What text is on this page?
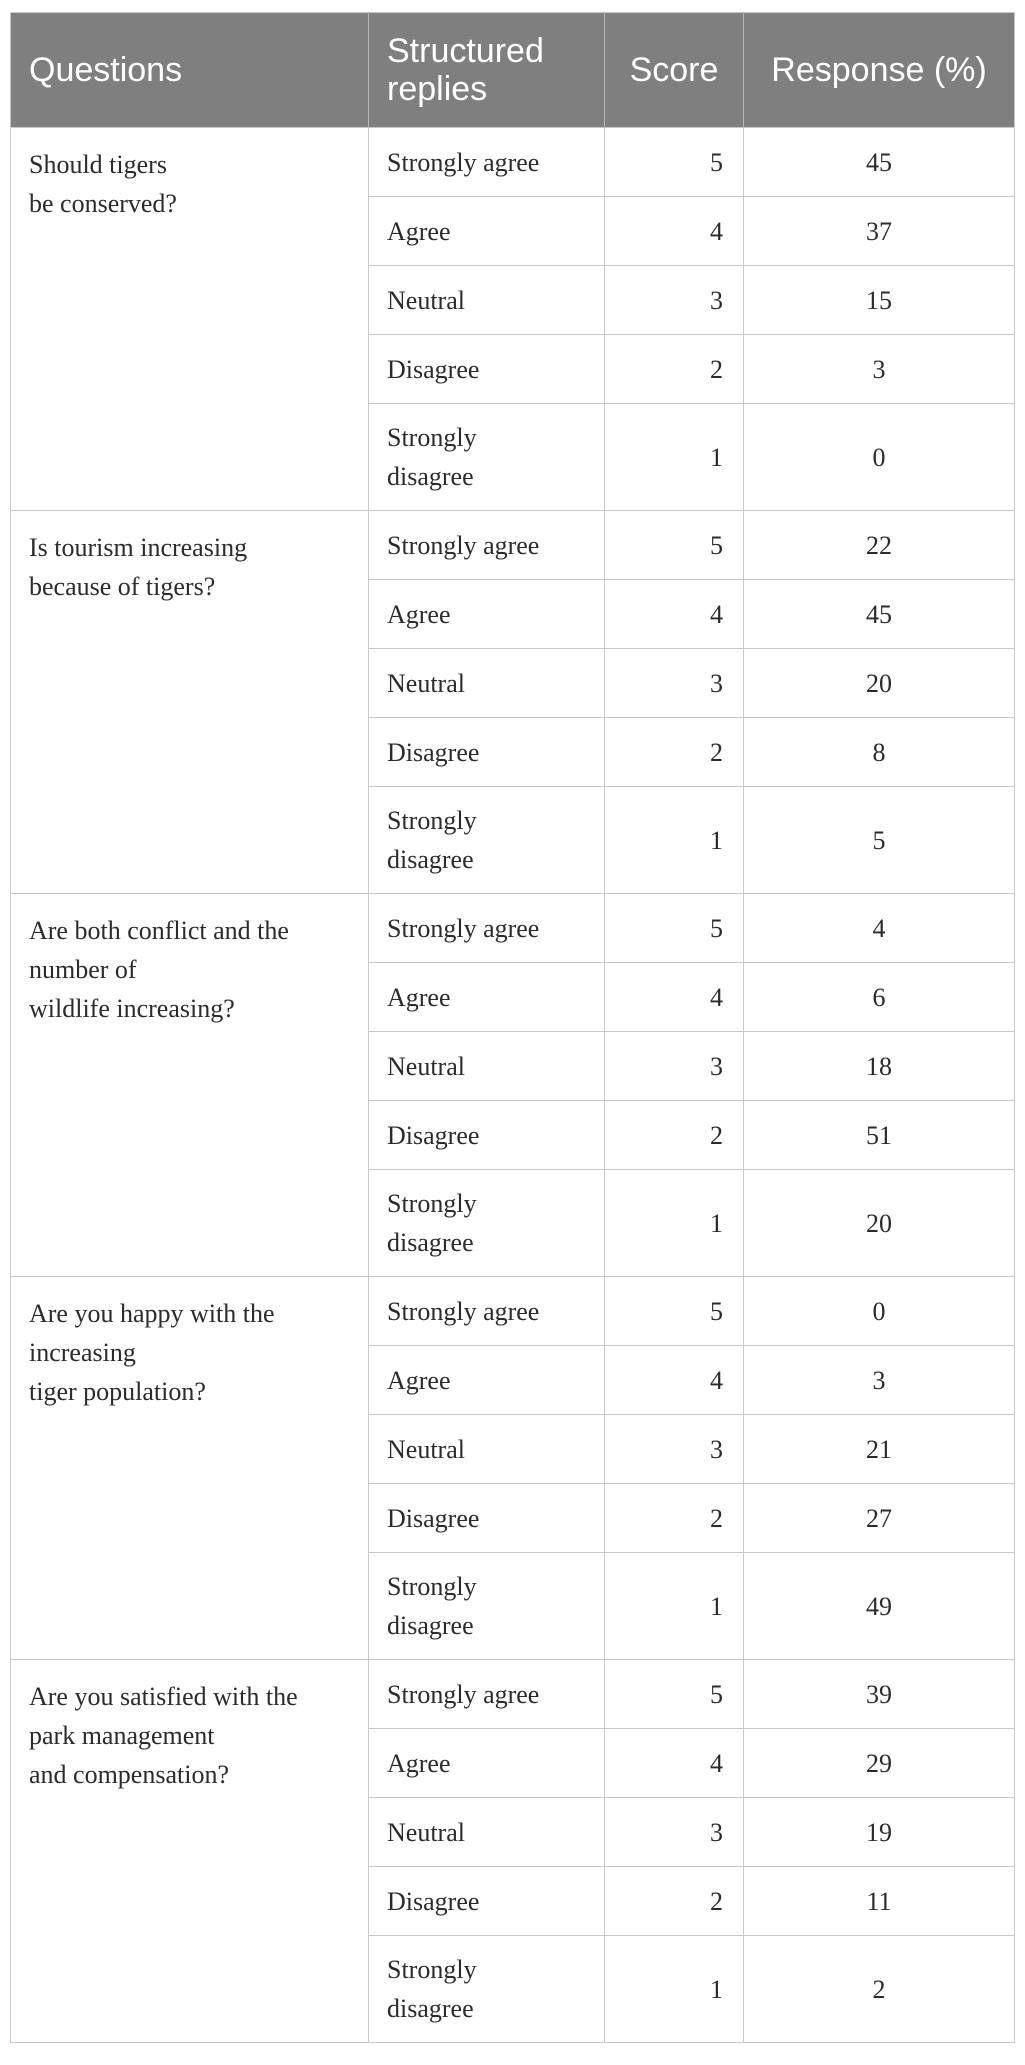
Questions	Structured replies	Score	Response (%)
Should tigers
be conserved?	Strongly agree	5	45
	Agree	4	37
	Neutral	3	15
	Disagree	2	3
	Strongly disagree	1	0
Is tourism increasing
because of tigers?	Strongly agree	5	22
	Agree	4	45
	Neutral	3	20
	Disagree	2	8
	Strongly disagree	1	5
Are both conflict and the
number of
wildlife increasing?	Strongly agree	5	4
	Agree	4	6
	Neutral	3	18
	Disagree	2	51
	Strongly disagree	1	20
Are you happy with the
increasing
tiger population?	Strongly agree	5	0
	Agree	4	3
	Neutral	3	21
	Disagree	2	27
	Strongly disagree	1	49
Are you satisfied with the
park management
and compensation?	Strongly agree	5	39
	Agree	4	29
	Neutral	3	19
	Disagree	2	11
	Strongly disagree	1	2
